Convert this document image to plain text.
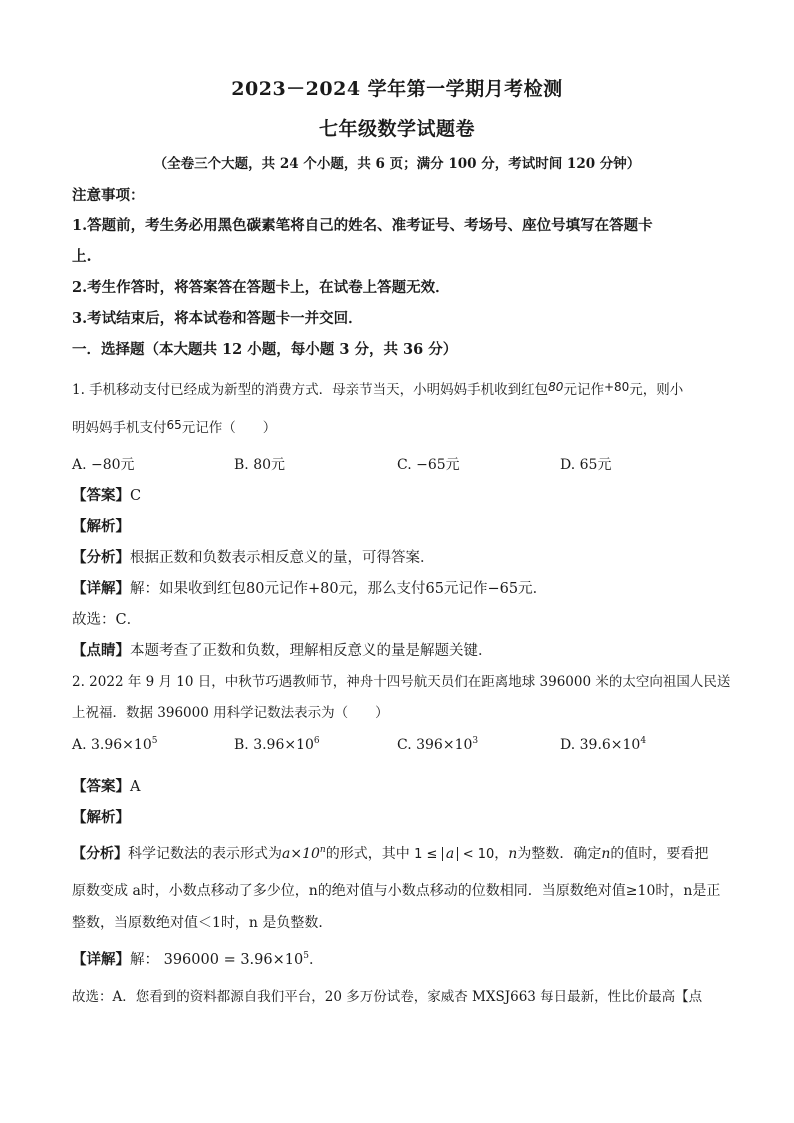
2023－2024 学年第一学期月考检测
七年级数学试题卷
（全卷三个大题，共 24 个小题，共 6 页；满分 100 分，考试时间 120 分钟）
注意事项：
1.答题前，考生务必用黑色碳素笔将自己的姓名、准考证号、考场号、座位号填写在答题卡
上.
2.考生作答时，将答案答在答题卡上，在试卷上答题无效．
3.考试结束后，将本试卷和答题卡一并交回．
一．选择题（本大题共 12 小题，每小题 3 分，共 36 分）
1. 手机移动支付已经成为新型的消费方式．母亲节当天，小明妈妈手机收到红包80元记作+80元，则小
明妈妈手机支付65元记作（　　）
A. −80元	B. 80元	C. −65元	D. 65元
【答案】C
【解析】
【分析】根据正数和负数表示相反意义的量，可得答案．
【详解】解：如果收到红包80元记作+80元，那么支付65元记作−65元．
故选：C．
【点睛】本题考查了正数和负数，理解相反意义的量是解题关键．
2. 2022 年 9 月 10 日，中秋节巧遇教师节，神舟十四号航天员们在距离地球 396000 米的太空向祖国人民送
上祝福．数据 396000 用科学记数法表示为（　　）
A. $3.96\times 10^5$	B. $3.96\times 10^6$	C. $396\times 10^3$	D. $39.6\times 10^4$
【答案】A
【解析】
【分析】科学记数法的表示形式为$a\times 10^n$的形式，其中 1 ≤ a < 10，n为整数．确定n的值时，要看把
原数变成 a时，小数点移动了多少位，n的绝对值与小数点移动的位数相同．当原数绝对值≥10时，n是正
整数，当原数绝对值＜1时，n 是负整数．
【详解】解： $396000 = 3.96\times 10^5$．
故选：A．您看到的资料都源自我们平台，20 多万份试卷，家威杏 MXSJ663 每日最新，性比价最高【点
